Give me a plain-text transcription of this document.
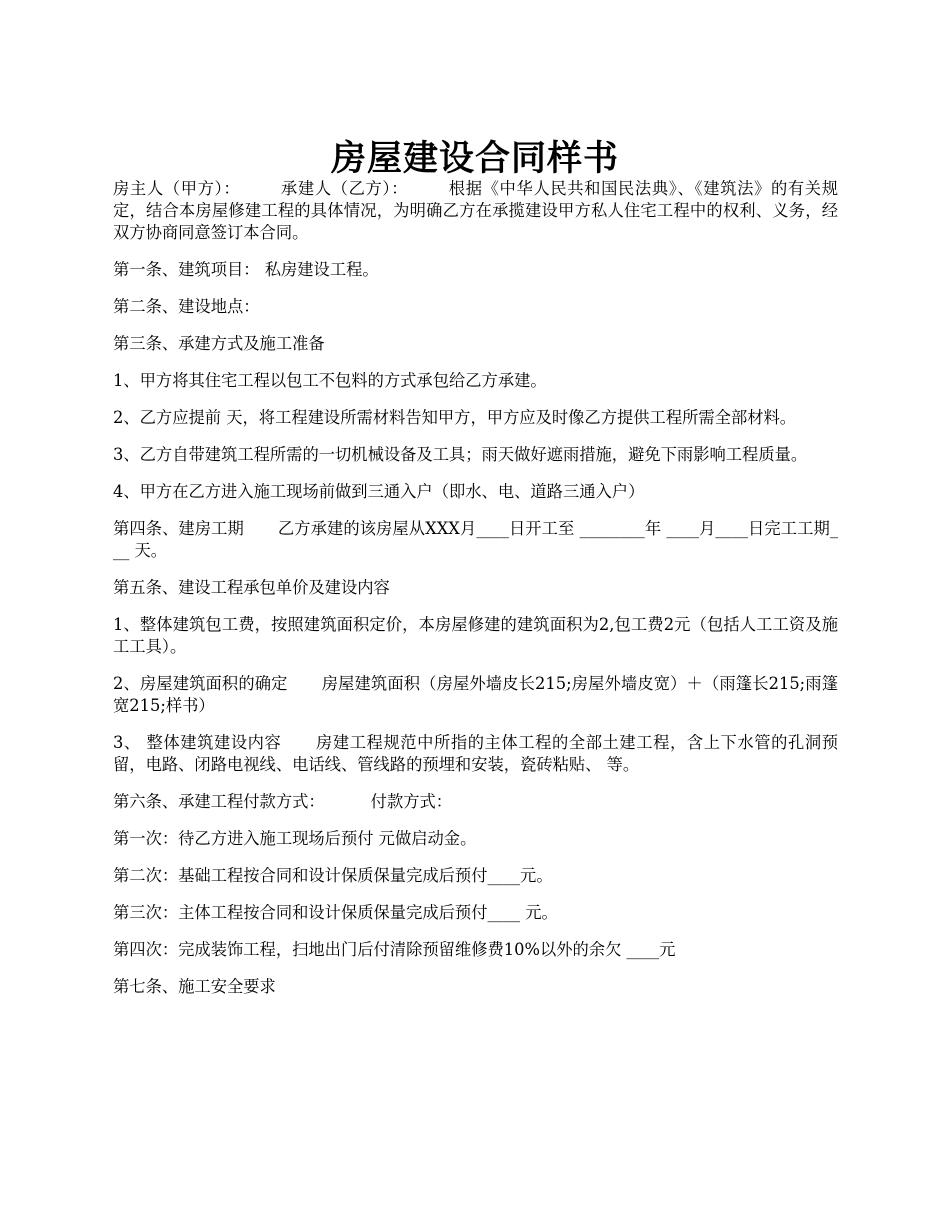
房屋建设合同样书

房主人（甲方）： 承建人（乙方）： 根据《中华人民共和国民法典》、《建筑法》的有关规定，结合本房屋修建工程的具体情况，为明确乙方在承揽建设甲方私人住宅工程中的权利、义务，经双方协商同意签订本合同。

第一条、建筑项目： 私房建设工程。

第二条、建设地点：

第三条、承建方式及施工准备

1、甲方将其住宅工程以包工不包料的方式承包给乙方承建。

2、乙方应提前 天，将工程建设所需材料告知甲方，甲方应及时像乙方提供工程所需全部材料。

3、乙方自带建筑工程所需的一切机械设备及工具；雨天做好遮雨措施，避免下雨影响工程质量。

4、甲方在乙方进入施工现场前做到三通入户（即水、电、道路三通入户）

第四条、建房工期 乙方承建的该房屋从XXX月____日开工至 ________年 ____月____日完工工期___ 天。

第五条、建设工程承包单价及建设内容

1、整体建筑包工费，按照建筑面积定价，本房屋修建的建筑面积为2,包工费2元（包括人工工资及施工工具）。

2、房屋建筑面积的确定 房屋建筑面积（房屋外墙皮长215;房屋外墙皮宽）＋（雨篷长215;雨篷宽215;样书）

3、 整体建筑建设内容 房建工程规范中所指的主体工程的全部土建工程，含上下水管的孔洞预留，电路、闭路电视线、电话线、管线路的预埋和安装，瓷砖粘贴、 等。

第六条、承建工程付款方式：	付款方式：

第一次：待乙方进入施工现场后预付 元做启动金。

第二次：基础工程按合同和设计保质保量完成后预付____元。

第三次：主体工程按合同和设计保质保量完成后预付____ 元。

第四次：完成装饰工程，扫地出门后付清除预留维修费10%以外的余欠 ____元

第七条、施工安全要求
